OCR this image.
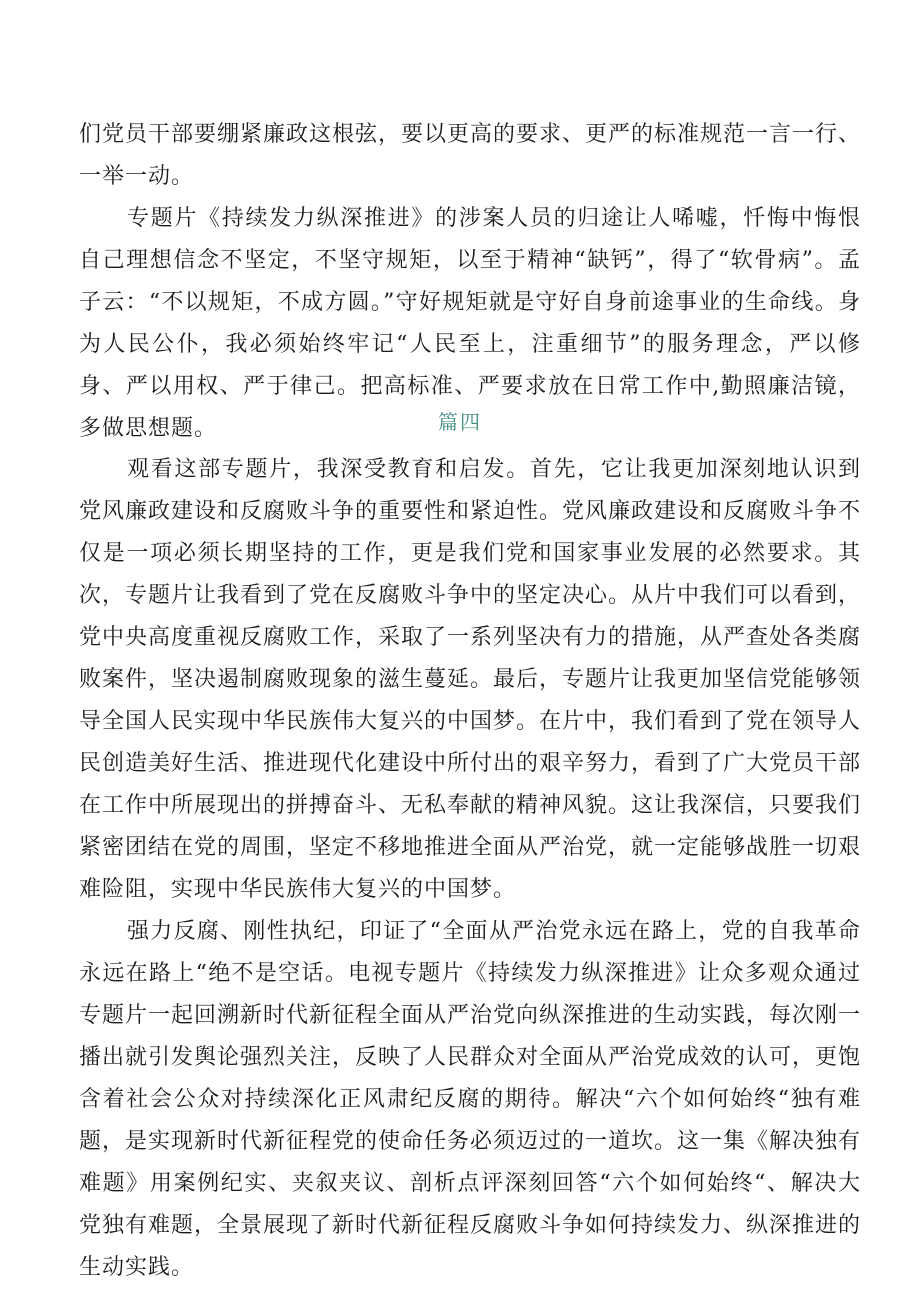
们党员干部要绷紧廉政这根弦，要以更高的要求、更严的标准规范一言一行、一举一动。

专题片《持续发力纵深推进》的涉案人员的归途让人唏嘘，忏悔中悔恨自己理想信念不坚定，不坚守规矩，以至于精神“缺钙”，得了“软骨病”。孟子云：“不以规矩，不成方圆。”守好规矩就是守好自身前途事业的生命线。身为人民公仆，我必须始终牢记“人民至上，注重细节”的服务理念，严以修身、严以用权、严于律己。把高标准、严要求放在日常工作中,勤照廉洁镜，多做思想题。	篇四

观看这部专题片，我深受教育和启发。首先，它让我更加深刻地认识到党风廉政建设和反腐败斗争的重要性和紧迫性。党风廉政建设和反腐败斗争不仅是一项必须长期坚持的工作，更是我们党和国家事业发展的必然要求。其次，专题片让我看到了党在反腐败斗争中的坚定决心。从片中我们可以看到，党中央高度重视反腐败工作，采取了一系列坚决有力的措施，从严查处各类腐败案件，坚决遏制腐败现象的滋生蔓延。最后，专题片让我更加坚信党能够领导全国人民实现中华民族伟大复兴的中国梦。在片中，我们看到了党在领导人民创造美好生活、推进现代化建设中所付出的艰辛努力，看到了广大党员干部在工作中所展现出的拼搏奋斗、无私奉献的精神风貌。这让我深信，只要我们紧密团结在党的周围，坚定不移地推进全面从严治党，就一定能够战胜一切艰难险阻，实现中华民族伟大复兴的中国梦。

强力反腐、刚性执纪，印证了“全面从严治党永远在路上，党的自我革命永远在路上“绝不是空话。电视专题片《持续发力纵深推进》让众多观众通过专题片一起回溯新时代新征程全面从严治党向纵深推进的生动实践，每次刚一播出就引发舆论强烈关注，反映了人民群众对全面从严治党成效的认可，更饱含着社会公众对持续深化正风肃纪反腐的期待。解决“六个如何始终“独有难题，是实现新时代新征程党的使命任务必须迈过的一道坎。这一集《解决独有难题》用案例纪实、夹叙夹议、剖析点评深刻回答“六个如何始终“、解决大党独有难题，全景展现了新时代新征程反腐败斗争如何持续发力、纵深推进的生动实践。
